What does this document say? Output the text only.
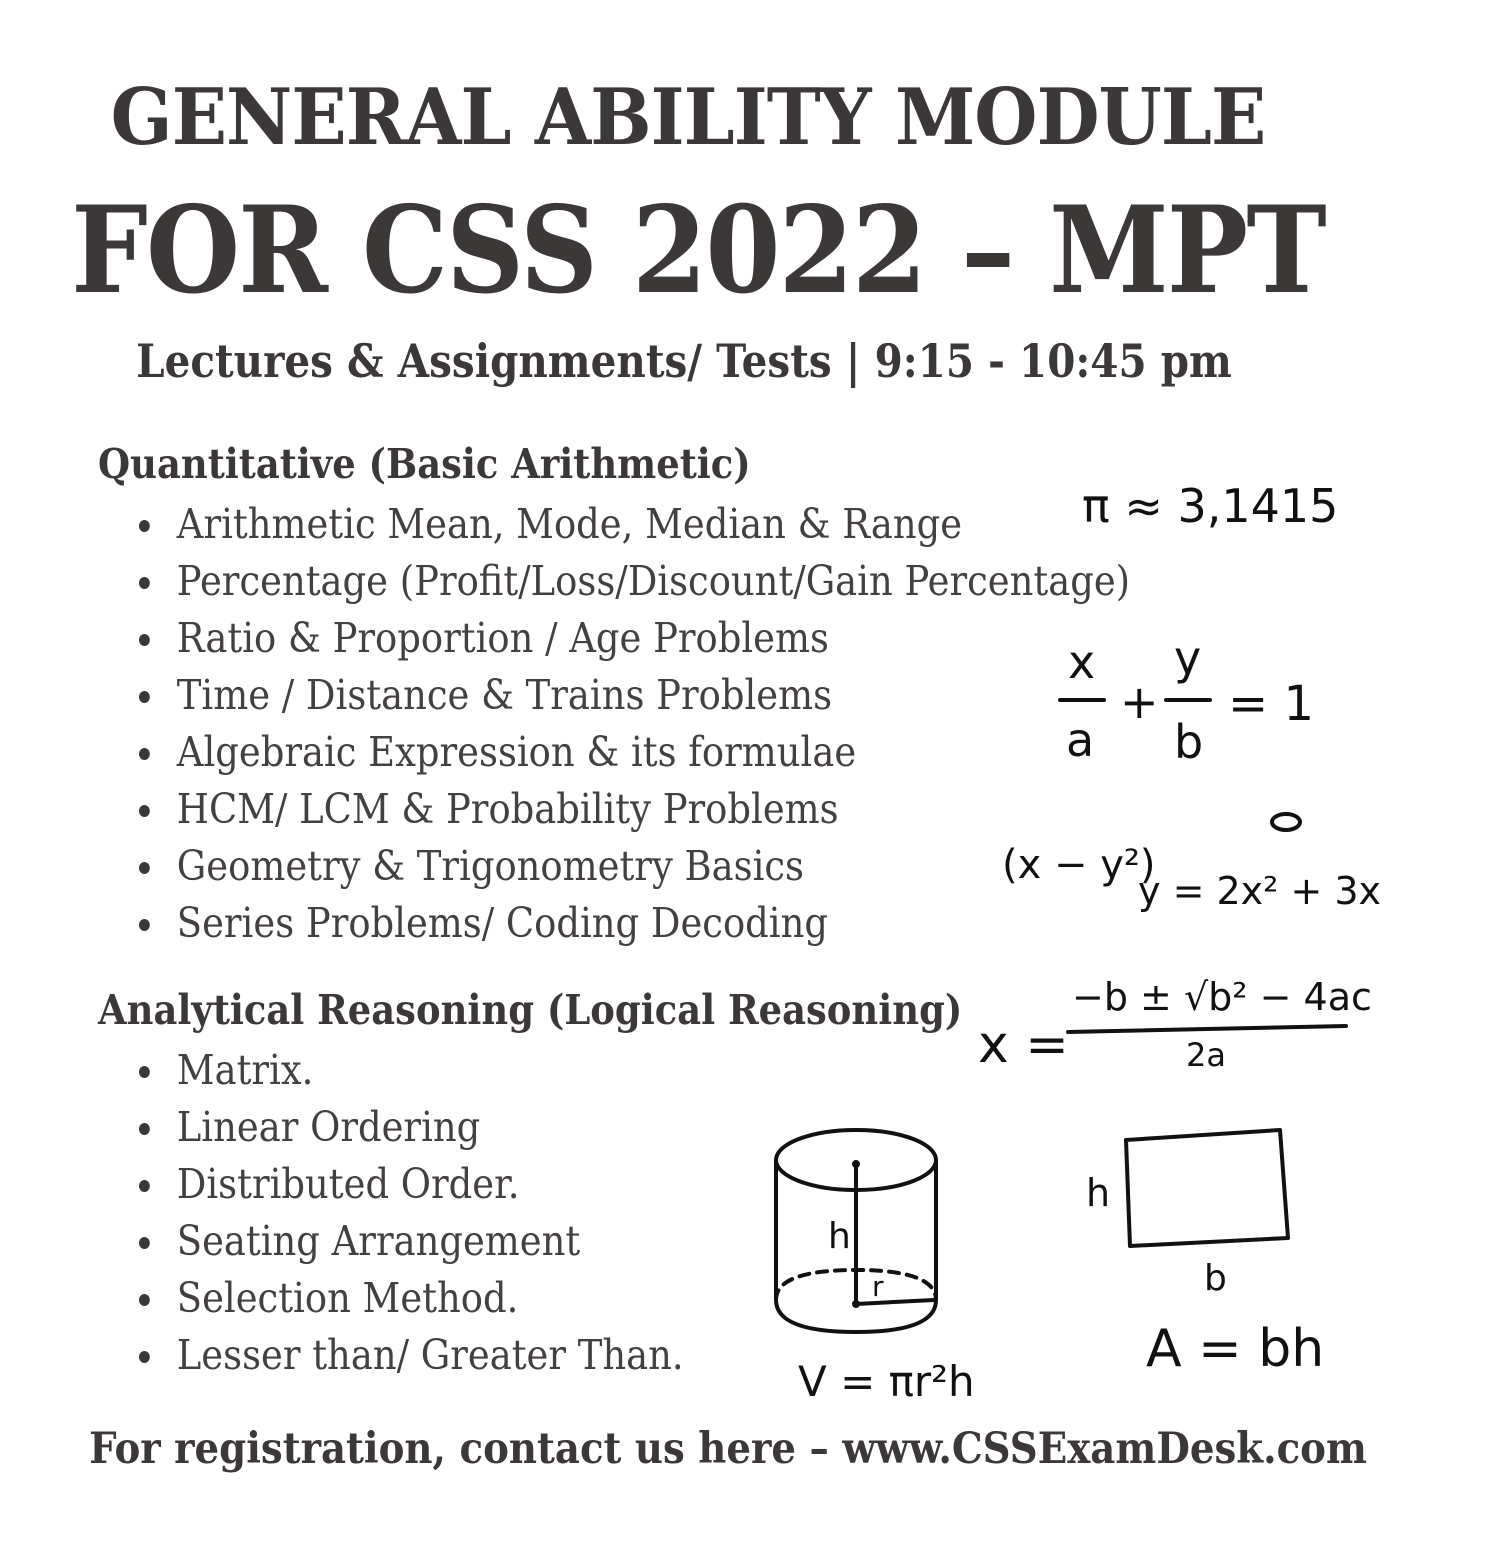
GENERAL ABILITY MODULE
FOR CSS 2022 – MPT
Lectures & Assignments/ Tests | 9:15 - 10:45 pm
Quantitative (Basic Arithmetic)
Arithmetic Mean, Mode, Median & Range
Percentage (Profit/Loss/Discount/Gain Percentage)
Ratio & Proportion / Age Problems
Time / Distance & Trains Problems
Algebraic Expression & its formulae
HCM/ LCM & Probability Problems
Geometry & Trigonometry Basics
Series Problems/ Coding Decoding
Analytical Reasoning (Logical Reasoning)
Matrix.
Linear Ordering
Distributed Order.
Seating Arrangement
Selection Method.
Lesser than/ Greater Than.
π ≈ 3,1415
x
a
+
y
b
= 1
(x − y²)
y = 2x² + 3x
x =
−b ± √b² − 4ac
2a
h
r
V = πr²h
h
b
A = bh
For registration, contact us here – www.CSSExamDesk.com
